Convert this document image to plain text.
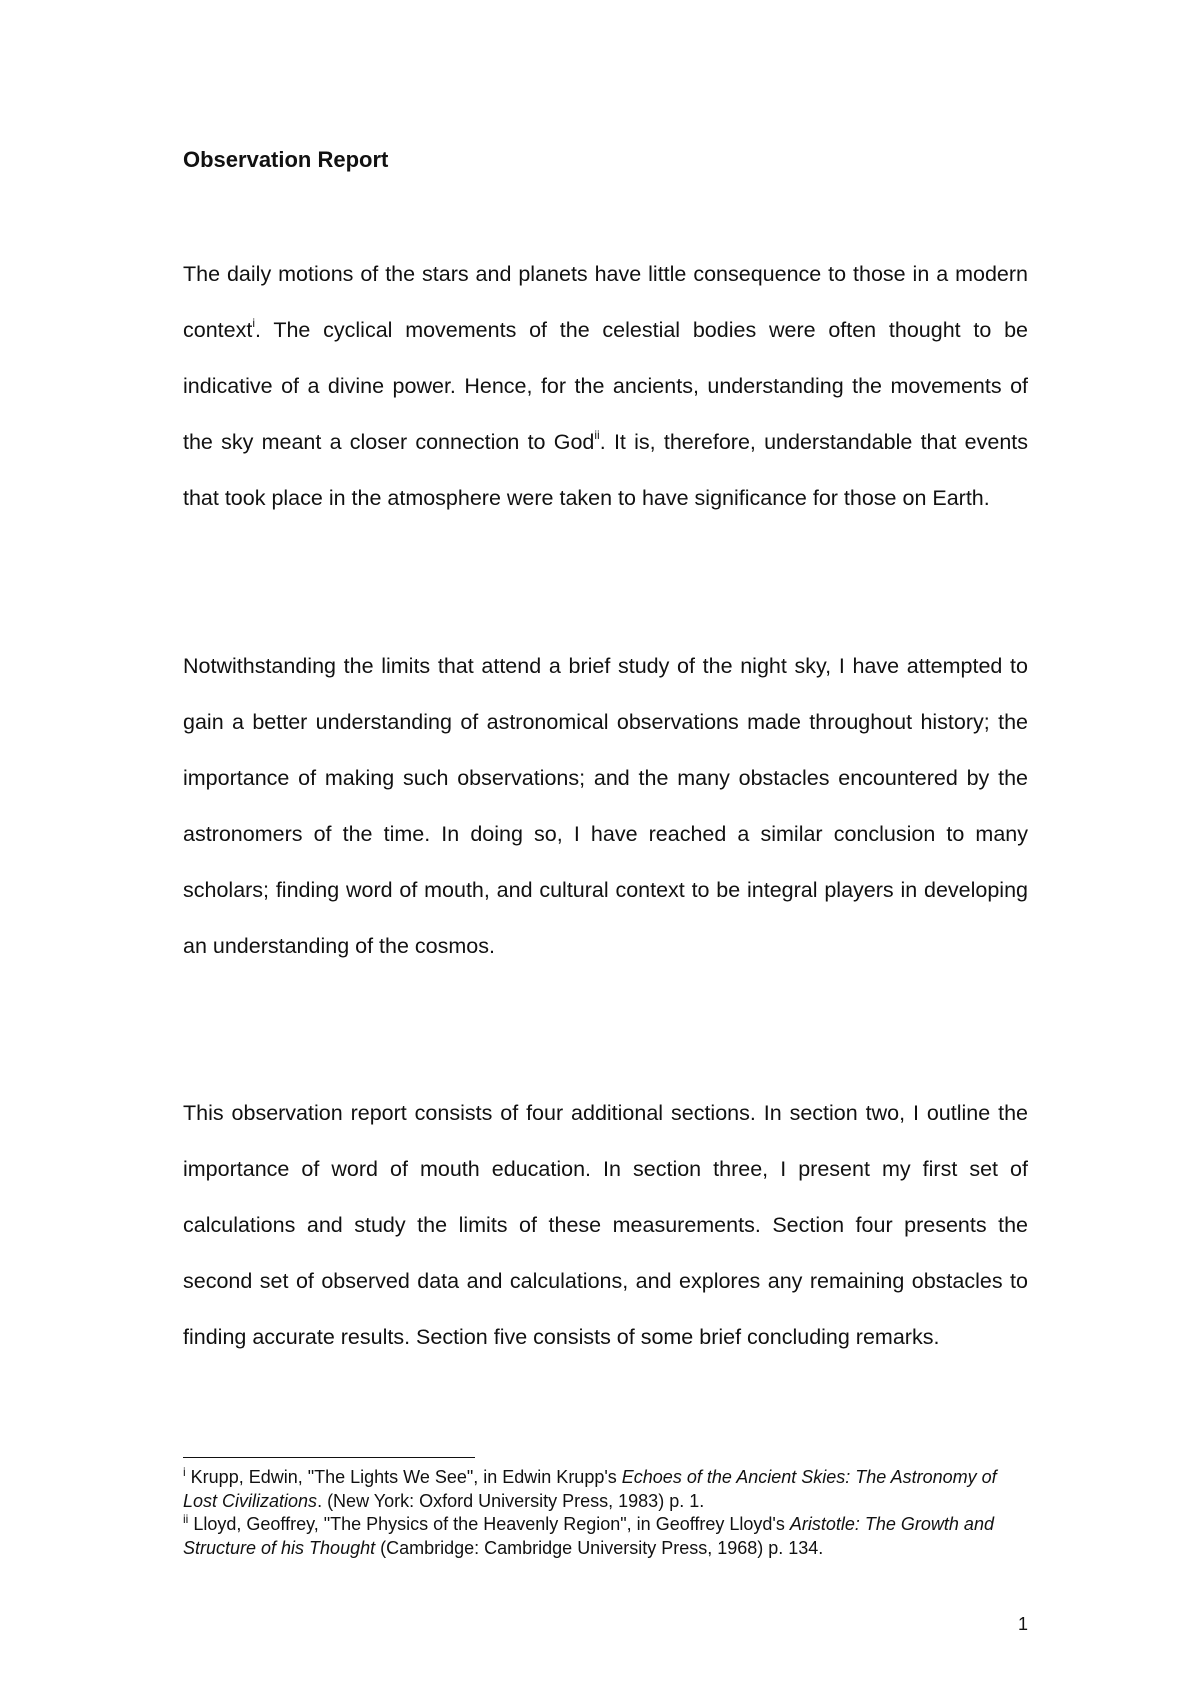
Observation Report

The daily motions of the stars and planets have little consequence to those in a modern context$^i$. The cyclical movements of the celestial bodies were often thought to be indicative of a divine power. Hence, for the ancients, understanding the movements of the sky meant a closer connection to God$^{ii}$. It is, therefore, understandable that events that took place in the atmosphere were taken to have significance for those on Earth.

Notwithstanding the limits that attend a brief study of the night sky, I have attempted to gain a better understanding of astronomical observations made throughout history; the importance of making such observations; and the many obstacles encountered by the astronomers of the time. In doing so, I have reached a similar conclusion to many scholars; finding word of mouth, and cultural context to be integral players in developing an understanding of the cosmos.

This observation report consists of four additional sections. In section two, I outline the importance of word of mouth education. In section three, I present my first set of calculations and study the limits of these measurements. Section four presents the second set of observed data and calculations, and explores any remaining obstacles to finding accurate results. Section five consists of some brief concluding remarks.

$^i$ Krupp, Edwin, "The Lights We See", in Edwin Krupp's Echoes of the Ancient Skies: The Astronomy of Lost Civilizations. (New York: Oxford University Press, 1983) p. 1.

$^{ii}$ Lloyd, Geoffrey, "The Physics of the Heavenly Region", in Geoffrey Lloyd's Aristotle: The Growth and Structure of his Thought (Cambridge: Cambridge University Press, 1968) p. 134.

1
